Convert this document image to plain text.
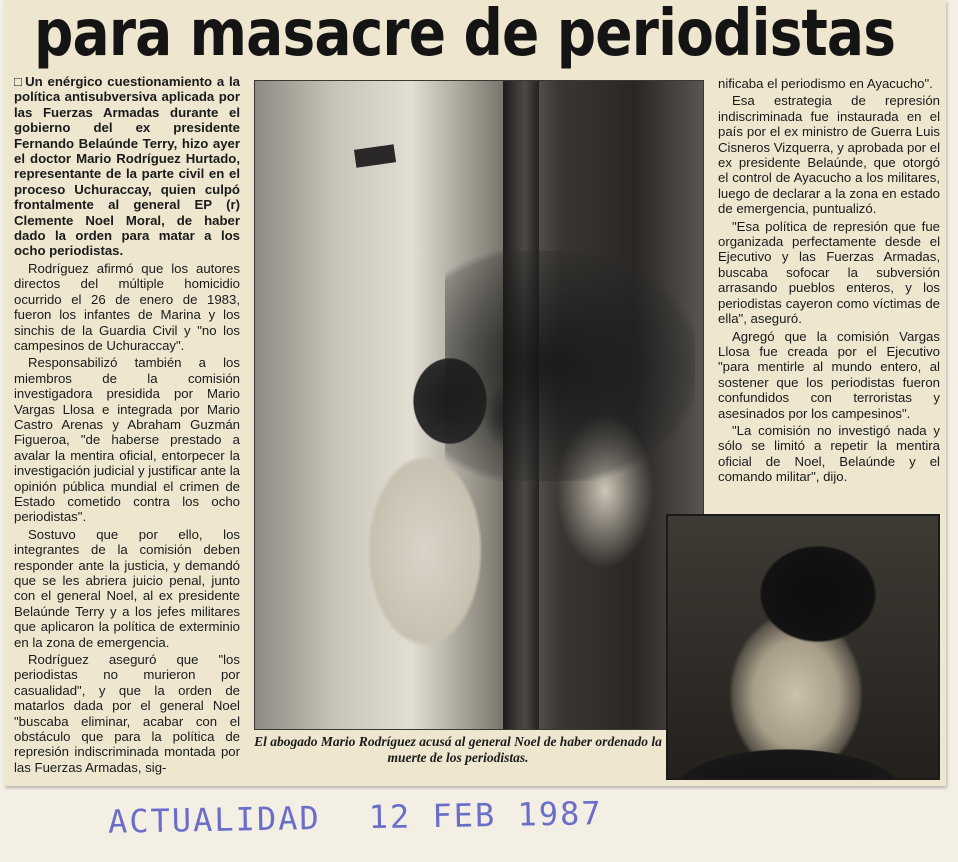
para masacre de periodistas

□ Un enérgico cuestionamiento a la política antisubversiva aplicada por las Fuerzas Armadas durante el gobierno del ex presidente Fernando Belaúnde Terry, hizo ayer el doctor Mario Rodríguez Hurtado, representante de la parte civil en el proceso Uchuraccay, quien culpó frontalmente al general EP (r) Clemente Noel Moral, de haber dado la orden para matar a los ocho periodistas.

Rodríguez afirmó que los autores directos del múltiple homicidio ocurrido el 26 de enero de 1983, fueron los infantes de Marina y los sinchis de la Guardia Civil y "no los campesinos de Uchuraccay".

Responsabilizó también a los miembros de la comisión investigadora presidida por Mario Vargas Llosa e integrada por Mario Castro Arenas y Abraham Guzmán Figueroa, "de haberse prestado a avalar la mentira oficial, entorpecer la investigación judicial y justificar ante la opinión pública mundial el crimen de Estado cometido contra los ocho periodistas".

Sostuvo que por ello, los integrantes de la comisión deben responder ante la justicia, y demandó que se les abriera juicio penal, junto con el general Noel, al ex presidente Belaúnde Terry y a los jefes militares que aplicaron la política de exterminio en la zona de emergencia.

Rodríguez aseguró que "los periodistas no murieron por casualidad", y que la orden de matarlos dada por el general Noel "buscaba eliminar, acabar con el obstáculo que para la política de represión indiscriminada montada por las Fuerzas Armadas, sig-

El abogado Mario Rodríguez acusá al general Noel de haber ordenado la muerte de los periodistas.

nificaba el periodismo en Ayacucho".

Esa estrategia de represión indiscriminada fue instaurada en el país por el ex ministro de Guerra Luis Cisneros Vizquerra, y aprobada por el ex presidente Belaúnde, que otorgó el control de Ayacucho a los militares, luego de declarar a la zona en estado de emergencia, puntualizó.

"Esa política de represión que fue organizada perfectamente desde el Ejecutivo y las Fuerzas Armadas, buscaba sofocar la subversión arrasando pueblos enteros, y los periodistas cayeron como víctimas de ella", aseguró.

Agregó que la comisión Vargas Llosa fue creada por el Ejecutivo "para mentirle al mundo entero, al sostener que los periodistas fueron confundidos con terroristas y asesinados por los campesinos".

"La comisión no investigó nada y sólo se limitó a repetir la mentira oficial de Noel, Belaúnde y el comando militar", dijo.

ACTUALIDAD 12 FEB 1987
